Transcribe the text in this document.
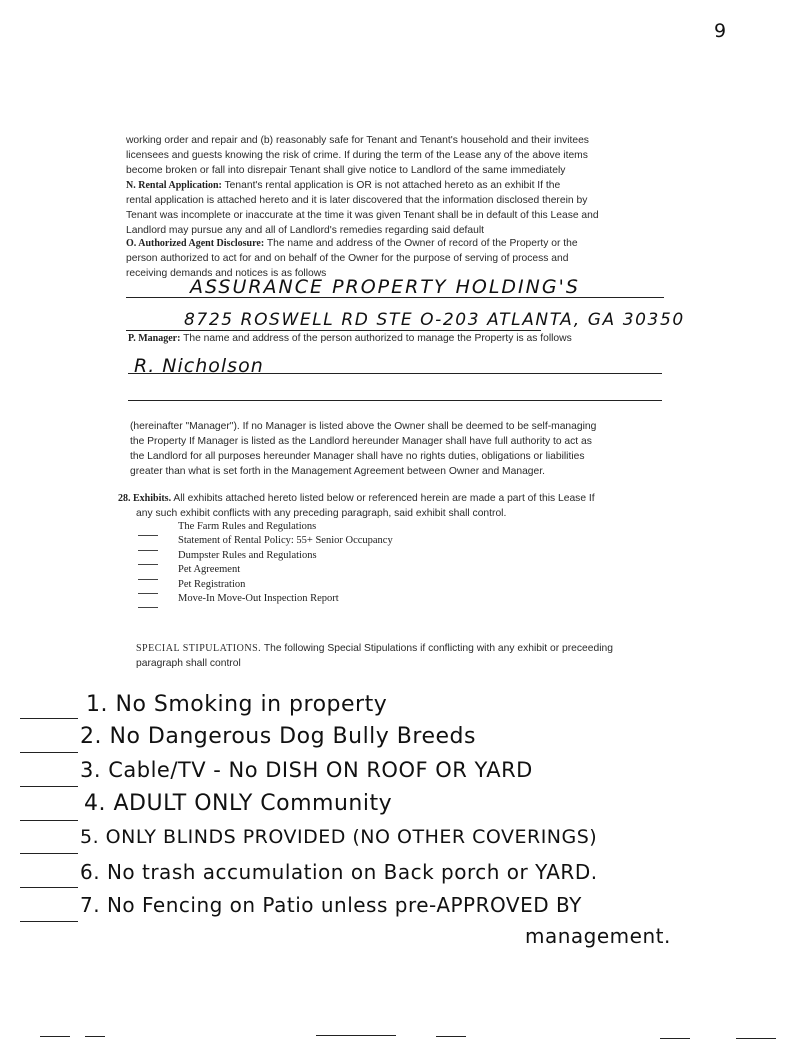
9
working order and repair and (b) reasonably safe for Tenant and Tenant's household and their invitees
licensees and guests knowing the risk of crime. If during the term of the Lease any of the above items
become broken or fall into disrepair Tenant shall give notice to Landlord of the same immediately
N. Rental Application: Tenant's rental application is OR is not attached hereto as an exhibit If the
rental application is attached hereto and it is later discovered that the information disclosed therein by
Tenant was incomplete or inaccurate at the time it was given Tenant shall be in default of this Lease and
Landlord may pursue any and all of Landlord's remedies regarding said default
O. Authorized Agent Disclosure: The name and address of the Owner of record of the Property or the
person authorized to act for and on behalf of the Owner for the purpose of serving of process and
receiving demands and notices is as follows
ASSURANCE PROPERTY HOLDING'S
8725 ROSWELL RD STE O-203 ATLANTA, GA 30350
P. Manager: The name and address of the person authorized to manage the Property is as follows
R. Nicholson
(hereinafter "Manager"). If no Manager is listed above the Owner shall be deemed to be self-managing
the Property If Manager is listed as the Landlord hereunder Manager shall have full authority to act as
the Landlord for all purposes hereunder Manager shall have no rights duties, obligations or liabilities
greater than what is set forth in the Management Agreement between Owner and Manager.
28. Exhibits. All exhibits attached hereto listed below or referenced herein are made a part of this Lease If
any such exhibit conflicts with any preceding paragraph, said exhibit shall control.
The Farm Rules and Regulations
Statement of Rental Policy: 55+ Senior Occupancy
Dumpster Rules and Regulations
Pet Agreement
Pet Registration
Move-In Move-Out Inspection Report
SPECIAL STIPULATIONS. The following Special Stipulations if conflicting with any exhibit or preceeding
paragraph shall control
1. No Smoking in property
2. No Dangerous Dog Bully Breeds
3. Cable/TV - No DISH ON ROOF OR YARD
4. ADULT ONLY Community
5. ONLY BLINDS PROVIDED (NO OTHER COVERINGS)
6. No trash accumulation on Back porch or YARD.
7. No Fencing on Patio unless pre-APPROVED BY
management.
